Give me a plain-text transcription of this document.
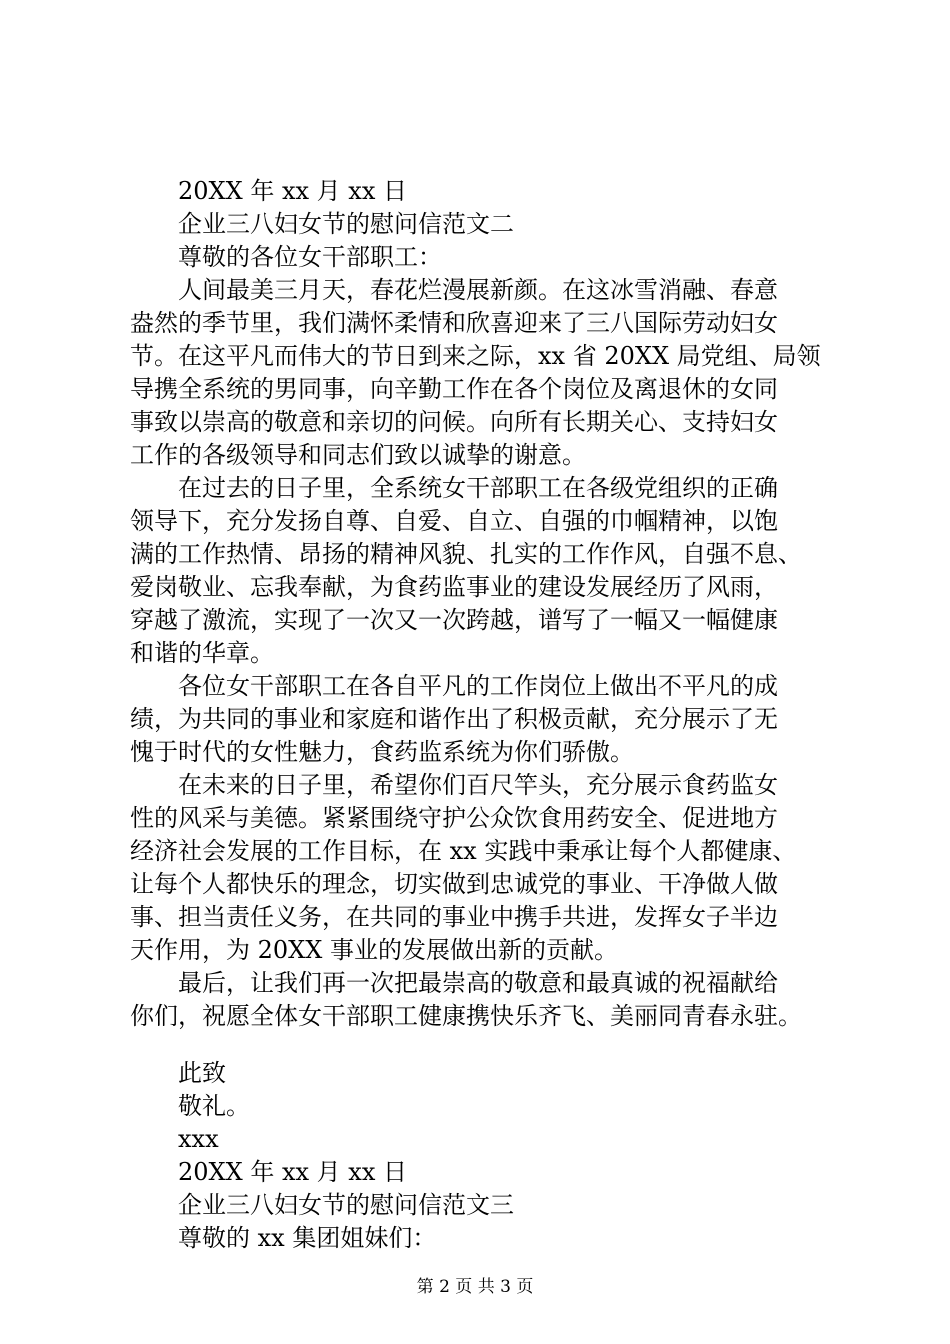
20XX 年 xx 月 xx 日
企业三八妇女节的慰问信范文二
尊敬的各位女干部职工：
人间最美三月天，春花烂漫展新颜。在这冰雪消融、春意
盎然的季节里，我们满怀柔情和欣喜迎来了三八国际劳动妇女
节。在这平凡而伟大的节日到来之际，xx 省 20XX 局党组、局领
导携全系统的男同事，向辛勤工作在各个岗位及离退休的女同
事致以崇高的敬意和亲切的问候。向所有长期关心、支持妇女
工作的各级领导和同志们致以诚挚的谢意。
在过去的日子里，全系统女干部职工在各级党组织的正确
领导下，充分发扬自尊、自爱、自立、自强的巾帼精神，以饱
满的工作热情、昂扬的精神风貌、扎实的工作作风，自强不息、
爱岗敬业、忘我奉献，为食药监事业的建设发展经历了风雨，
穿越了激流，实现了一次又一次跨越，谱写了一幅又一幅健康
和谐的华章。
各位女干部职工在各自平凡的工作岗位上做出不平凡的成
绩，为共同的事业和家庭和谐作出了积极贡献，充分展示了无
愧于时代的女性魅力，食药监系统为你们骄傲。
在未来的日子里，希望你们百尺竿头，充分展示食药监女
性的风采与美德。紧紧围绕守护公众饮食用药安全、促进地方
经济社会发展的工作目标，在 xx 实践中秉承让每个人都健康、
让每个人都快乐的理念，切实做到忠诚党的事业、干净做人做
事、担当责任义务，在共同的事业中携手共进，发挥女子半边
天作用，为 20XX 事业的发展做出新的贡献。
最后，让我们再一次把最崇高的敬意和最真诚的祝福献给
你们，祝愿全体女干部职工健康携快乐齐飞、美丽同青春永驻。
此致
敬礼。
xxx
20XX 年 xx 月 xx 日
企业三八妇女节的慰问信范文三
尊敬的 xx 集团姐妹们：
第 2 页 共 3 页
